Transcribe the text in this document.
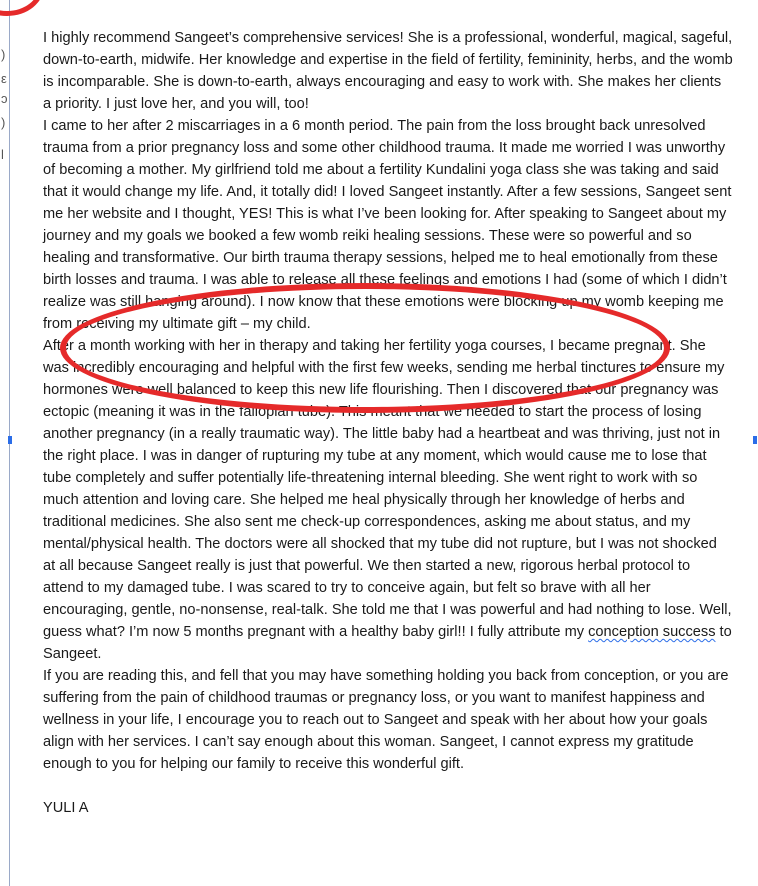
)
ε
ɔ
)
l

I highly recommend Sangeet’s comprehensive services! She is a professional, wonderful, magical, sageful, down-to-earth, midwife. Her knowledge and expertise in the field of fertility, femininity, herbs, and the womb is incomparable. She is down-to-earth, always encouraging and easy to work with. She makes her clients a priority. I just love her, and you will, too!

I came to her after 2 miscarriages in a 6 month period. The pain from the loss brought back unresolved trauma from a prior pregnancy loss and some other childhood trauma. It made me worried I was unworthy of becoming a mother. My girlfriend told me about a fertility Kundalini yoga class she was taking and said that it would change my life. And, it totally did! I loved Sangeet instantly. After a few sessions, Sangeet sent me her website and I thought, YES! This is what I’ve been looking for. After speaking to Sangeet about my journey and my goals we booked a few womb reiki healing sessions. These were so powerful and so healing and transformative. Our birth trauma therapy sessions, helped me to heal emotionally from these birth losses and trauma. I was able to release all these feelings and emotions I had (some of which I didn’t realize was still hanging around). I now know that these emotions were blocking up my womb keeping me from receiving my ultimate gift – my child.

After a month working with her in therapy and taking her fertility yoga courses, I became pregnant. She was incredibly encouraging and helpful with the first few weeks, sending me herbal tinctures to ensure my hormones were well balanced to keep this new life flourishing. Then I discovered that our pregnancy was ectopic (meaning it was in the fallopian tube). This meant that we needed to start the process of losing another pregnancy (in a really traumatic way). The little baby had a heartbeat and was thriving, just not in the right place. I was in danger of rupturing my tube at any moment, which would cause me to lose that tube completely and suffer potentially life-threatening internal bleeding. She went right to work with so much attention and loving care. She helped me heal physically through her knowledge of herbs and traditional medicines. She also sent me check-up correspondences, asking me about status, and my mental/physical health. The doctors were all shocked that my tube did not rupture, but I was not shocked at all because Sangeet really is just that powerful. We then started a new, rigorous herbal protocol to attend to my damaged tube. I was scared to try to conceive again, but felt so brave with all her encouraging, gentle, no-nonsense, real-talk. She told me that I was powerful and had nothing to lose. Well, guess what? I’m now 5 months pregnant with a healthy baby girl!! I fully attribute my conception success to Sangeet.

If you are reading this, and fell that you may have something holding you back from conception, or you are suffering from the pain of childhood traumas or pregnancy loss, or you want to manifest happiness and wellness in your life, I encourage you to reach out to Sangeet and speak with her about how your goals align with her services. I can’t say enough about this woman. Sangeet, I cannot express my gratitude enough to you for helping our family to receive this wonderful gift.

YULI A
